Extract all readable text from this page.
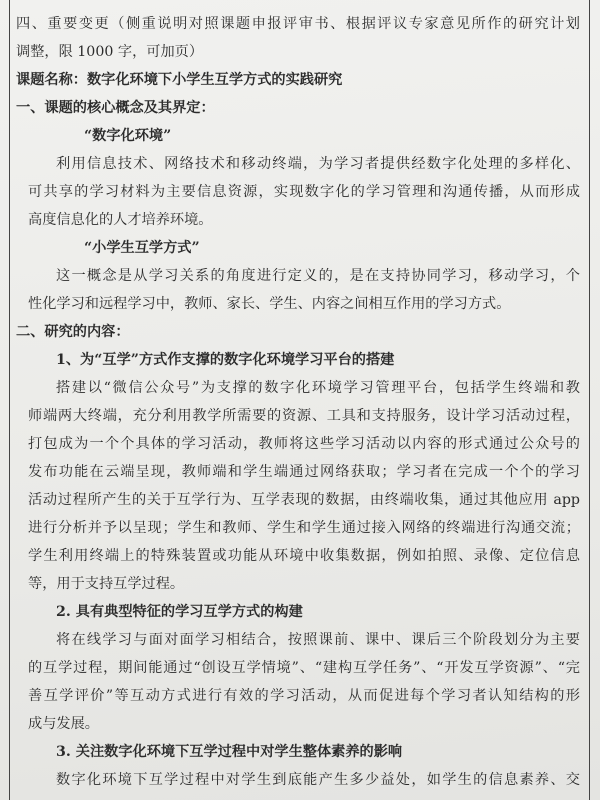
四、重要变更（侧重说明对照课题申报评审书、根据评议专家意见所作的研究计划
调整，限 1000 字，可加页）
课题名称：数字化环境下小学生互学方式的实践研究
一、课题的核心概念及其界定：
“数字化环境”
利用信息技术、网络技术和移动终端，为学习者提供经数字化处理的多样化、
可共享的学习材料为主要信息资源，实现数字化的学习管理和沟通传播，从而形成
高度信息化的人才培养环境。
“小学生互学方式”
这一概念是从学习关系的角度进行定义的，是在支持协同学习，移动学习，个
性化学习和远程学习中，教师、家长、学生、内容之间相互作用的学习方式。
二、研究的内容：
1、为“互学”方式作支撑的数字化环境学习平台的搭建
搭建以“微信公众号”为支撑的数字化环境学习管理平台，包括学生终端和教
师端两大终端，充分利用教学所需要的资源、工具和支持服务，设计学习活动过程，
打包成为一个个具体的学习活动，教师将这些学习活动以内容的形式通过公众号的
发布功能在云端呈现，教师端和学生端通过网络获取；学习者在完成一个个的学习
活动过程所产生的关于互学行为、互学表现的数据，由终端收集，通过其他应用 app
进行分析并予以呈现；学生和教师、学生和学生通过接入网络的终端进行沟通交流；
学生利用终端上的特殊装置或功能从环境中收集数据，例如拍照、录像、定位信息
等，用于支持互学过程。
2. 具有典型特征的学习互学方式的构建
将在线学习与面对面学习相结合，按照课前、课中、课后三个阶段划分为主要
的互学过程，期间能通过“创设互学情境”、“建构互学任务”、“开发互学资源”、“完
善互学评价”等互动方式进行有效的学习活动，从而促进每个学习者认知结构的形
成与发展。
3. 关注数字化环境下互学过程中对学生整体素养的影响
数字化环境下互学过程中对学生到底能产生多少益处，如学生的信息素养、交
